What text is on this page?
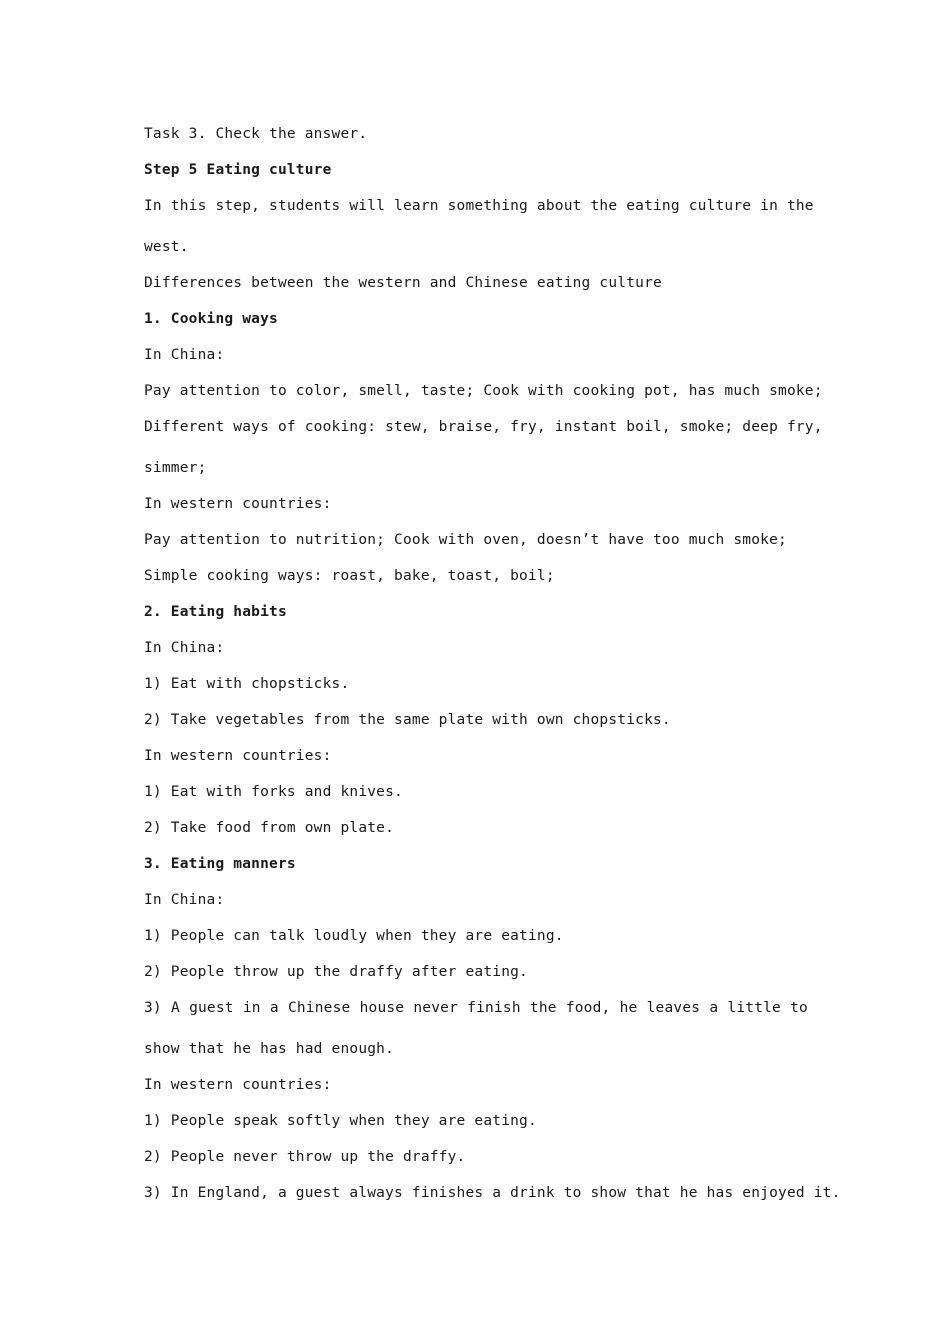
Task 3. Check the answer.
Step 5 Eating culture
In this step, students will learn something about the eating culture in the
west.
Differences between the western and Chinese eating culture
1. Cooking ways
In China:
Pay attention to color, smell, taste; Cook with cooking pot, has much smoke;
Different ways of cooking: stew, braise, fry, instant boil, smoke; deep fry,
simmer;
In western countries:
Pay attention to nutrition; Cook with oven, doesn’t have too much smoke;
Simple cooking ways: roast, bake, toast, boil;
2. Eating habits
In China:
1) Eat with chopsticks.
2) Take vegetables from the same plate with own chopsticks.
In western countries:
1) Eat with forks and knives.
2) Take food from own plate.
3. Eating manners
In China:
1) People can talk loudly when they are eating.
2) People throw up the draffy after eating.
3) A guest in a Chinese house never finish the food, he leaves a little to
show that he has had enough.
In western countries:
1) People speak softly when they are eating.
2) People never throw up the draffy.
3) In England, a guest always finishes a drink to show that he has enjoyed it.
